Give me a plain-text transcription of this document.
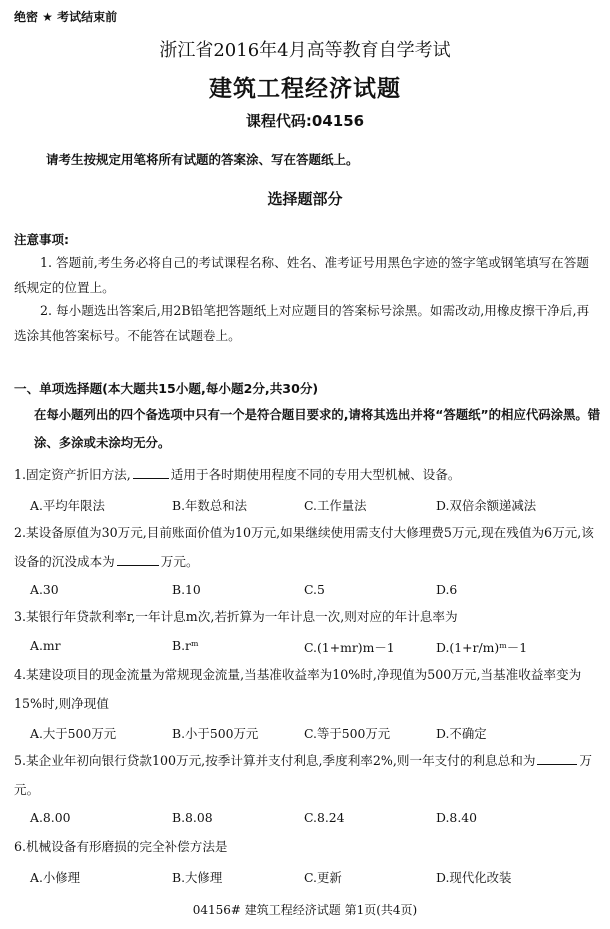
绝密 ★ 考试结束前
浙江省2016年4月高等教育自学考试
建筑工程经济试题
课程代码:04156
请考生按规定用笔将所有试题的答案涂、写在答题纸上。
选择题部分
注意事项:
1. 答题前,考生务必将自己的考试课程名称、姓名、准考证号用黑色字迹的签字笔或钢笔填写在答题纸规定的位置上。
2. 每小题选出答案后,用2B铅笔把答题纸上对应题目的答案标号涂黑。如需改动,用橡皮擦干净后,再选涂其他答案标号。不能答在试题卷上。
一、单项选择题(本大题共15小题,每小题2分,共30分)
在每小题列出的四个备选项中只有一个是符合题目要求的,请将其选出并将“答题纸”的相应代码涂黑。错涂、多涂或未涂均无分。
1.固定资产折旧方法,	适用于各时期使用程度不同的专用大型机械、设备。
A.平均年限法	B.年数总和法	C.工作量法	D.双倍余额递减法
2.某设备原值为30万元,目前账面价值为10万元,如果继续使用需支付大修理费5万元,现在残值为6万元,该设备的沉没成本为	万元。
A.30	B.10	C.5	D.6
3.某银行年贷款利率r,一年计息m次,若折算为一年计息一次,则对应的年计息率为
A.mr	B.rᵐ	C.(1+mr)m－1	D.(1+r/m)ᵐ－1
4.某建设项目的现金流量为常规现金流量,当基准收益率为10%时,净现值为500万元,当基准收益率变为15%时,则净现值
A.大于500万元	B.小于500万元	C.等于500万元	D.不确定
5.某企业年初向银行贷款100万元,按季计算并支付利息,季度利率2%,则一年支付的利息总和为	万元。
A.8.00	B.8.08	C.8.24	D.8.40
6.机械设备有形磨损的完全补偿方法是
A.小修理	B.大修理	C.更新	D.现代化改装
04156# 建筑工程经济试题 第1页(共4页)
